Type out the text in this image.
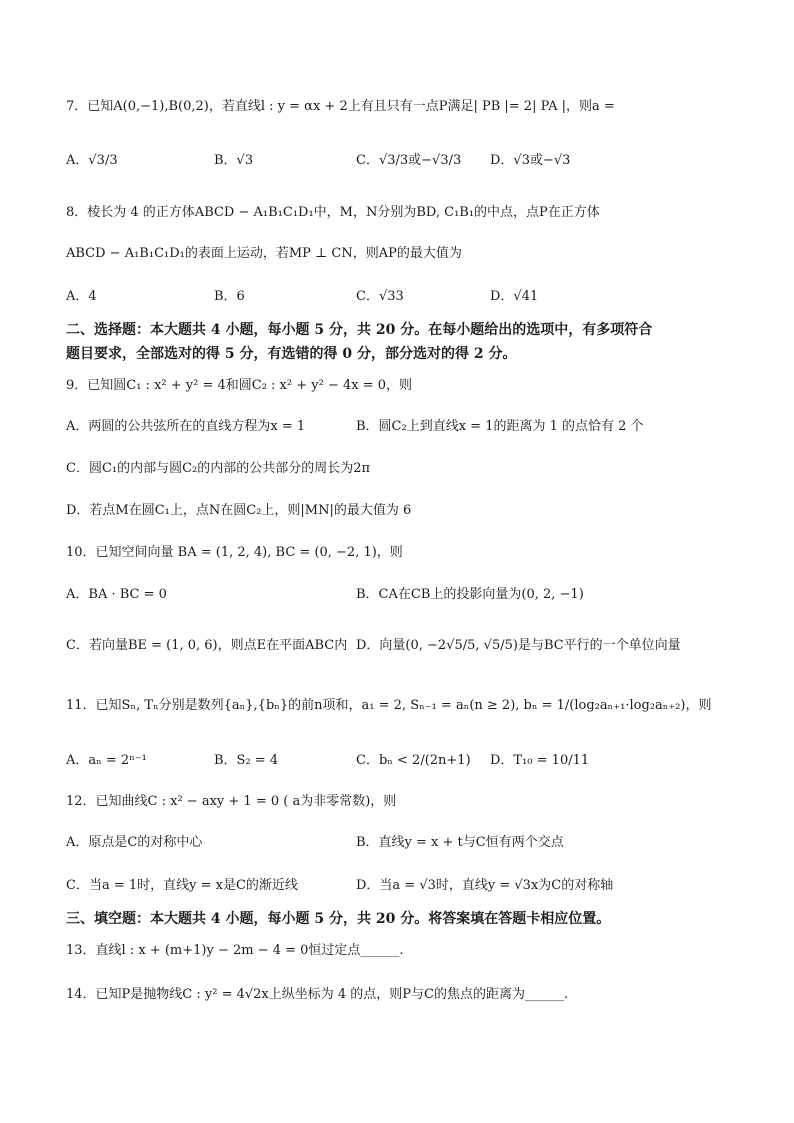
7．已知A(0,−1),B(0,2)，若直线l : y = αx + 2上有且只有一点P满足| PB |= 2| PA |，则a =
A．√3/3	B．√3	C．√3/3或−√3/3 D．√3或−√3
8．棱长为 4 的正方体ABCD − A₁B₁C₁D₁中，M，N分别为BD, C₁B₁的中点，点P在正方体
ABCD − A₁B₁C₁D₁的表面上运动，若MP ⊥ CN，则AP的最大值为
A．4	B．6	C．√33	D．√41
二、选择题：本大题共 4 小题，每小题 5 分，共 20 分。在每小题给出的选项中，有多项符合
题目要求，全部选对的得 5 分，有选错的得 0 分，部分选对的得 2 分。
9．已知圆C₁ : x² + y² = 4和圆C₂ : x² + y² − 4x = 0，则
A．两圆的公共弦所在的直线方程为x = 1	B．圆C₂上到直线x = 1的距离为 1 的点恰有 2 个
C．圆C₁的内部与圆C₂的内部的公共部分的周长为2π
D．若点M在圆C₁上，点N在圆C₂上，则|MN|的最大值为 6
10．已知空间向量 BA = (1, 2, 4), BC = (0, −2, 1)，则
A．BA · BC = 0	B．CA在CB上的投影向量为(0, 2, −1)
C．若向量BE = (1, 0, 6)，则点E在平面ABC内 D．向量(0, −2√5/5, √5/5)是与BC平行的一个单位向量
11．已知Sₙ, Tₙ分别是数列{aₙ},{bₙ}的前n项和，a₁ = 2, Sₙ₋₁ = aₙ(n ≥ 2), bₙ = 1/(log₂aₙ₊₁·log₂aₙ₊₂)，则
A．aₙ = 2ⁿ⁻¹	B．S₂ = 4	C．bₙ < 2/(2n+1) D．T₁₀ = 10/11
12．已知曲线C : x² − axy + 1 = 0 ( a为非零常数)，则
A．原点是C的对称中心	B．直线y = x + t与C恒有两个交点
C．当a = 1时，直线y = x是C的渐近线	D．当a = √3时，直线y = √3x为C的对称轴
三、填空题：本大题共 4 小题，每小题 5 分，共 20 分。将答案填在答题卡相应位置。
13．直线l : x + (m+1)y − 2m − 4 = 0恒过定点______.
14．已知P是抛物线C : y² = 4√2x上纵坐标为 4 的点，则P与C的焦点的距离为______.
